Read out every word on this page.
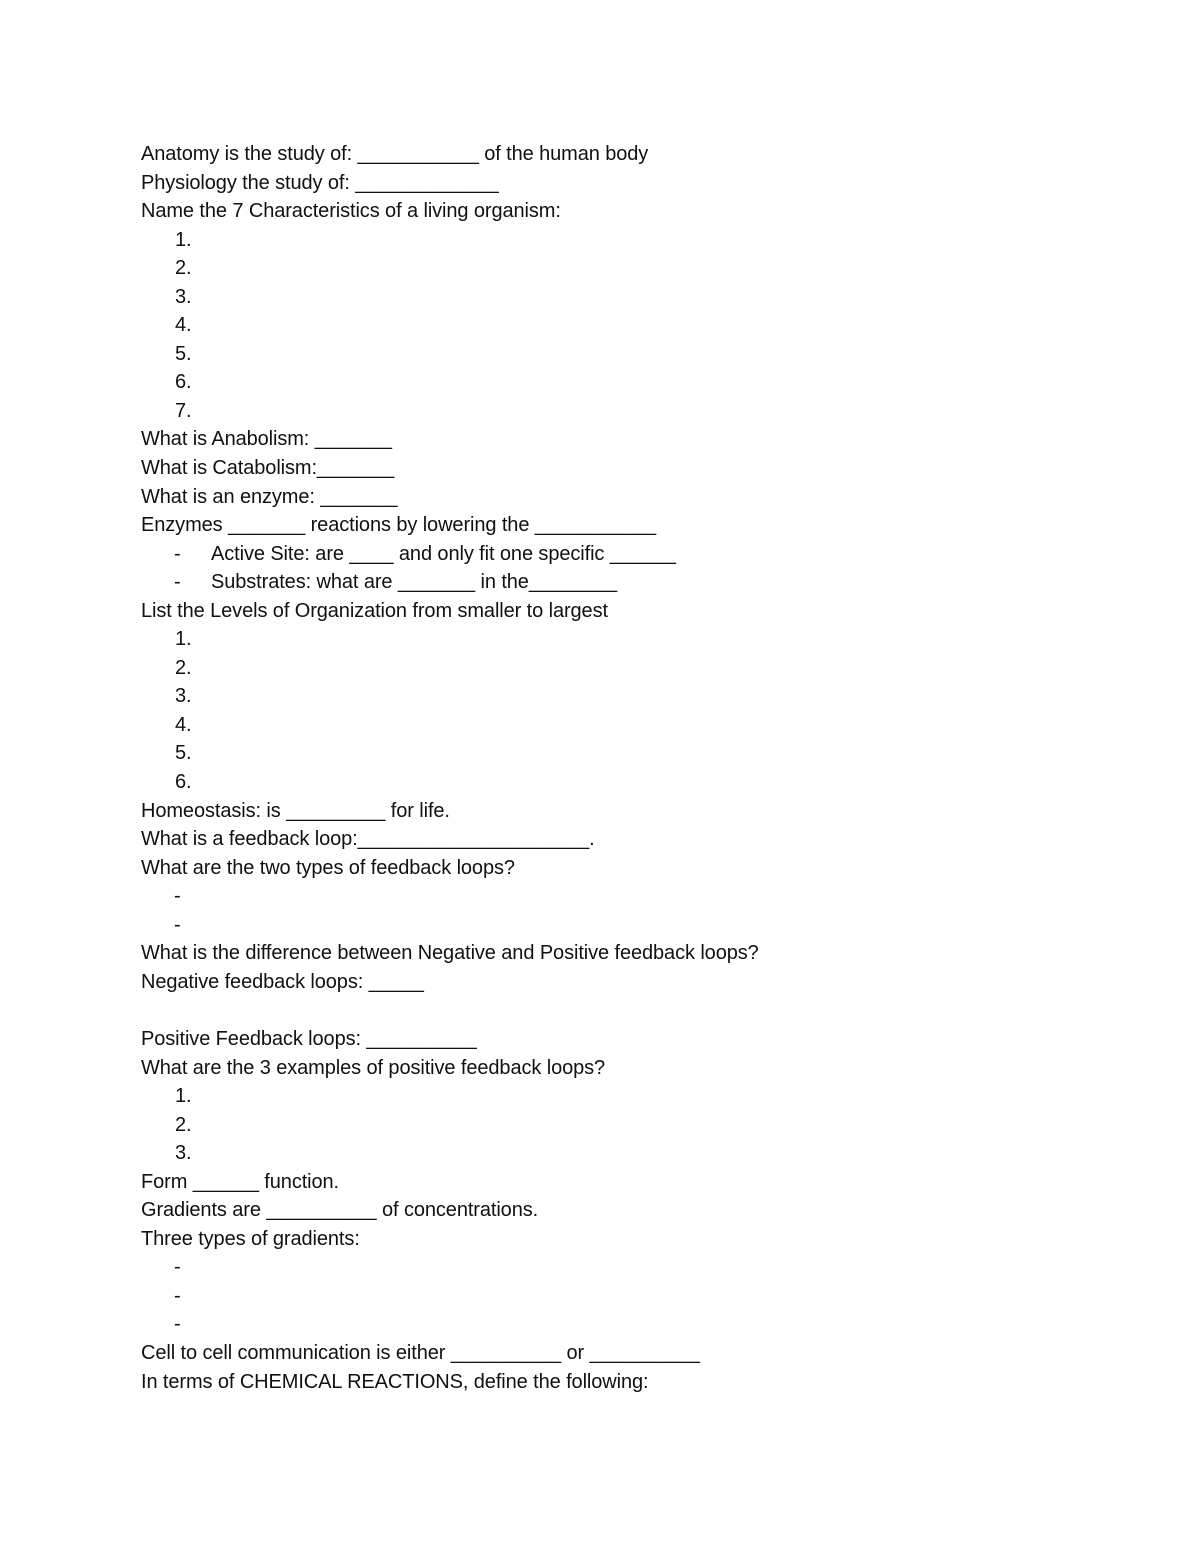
Anatomy is the study of: ___________ of the human body
Physiology the study of: _____________
Name the 7 Characteristics of a living organism:
1.
2.
3.
4.
5.
6.
7.
What is Anabolism: _______
What is Catabolism:_______
What is an enzyme: _______
Enzymes _______ reactions by lowering the ___________
- Active Site: are ____ and only fit one specific ______
- Substrates: what are _______ in the________
List the Levels of Organization from smaller to largest
1.
2.
3.
4.
5.
6.
Homeostasis: is _________ for life.
What is a feedback loop:_____________________.
What are the two types of feedback loops?
-
-
What is the difference between Negative and Positive feedback loops?
Negative feedback loops: _____
Positive Feedback loops: __________
What are the 3 examples of positive feedback loops?
1.
2.
3.
Form ______ function.
Gradients are __________ of concentrations.
Three types of gradients:
-
-
-
Cell to cell communication is either __________ or __________
In terms of CHEMICAL REACTIONS, define the following:
